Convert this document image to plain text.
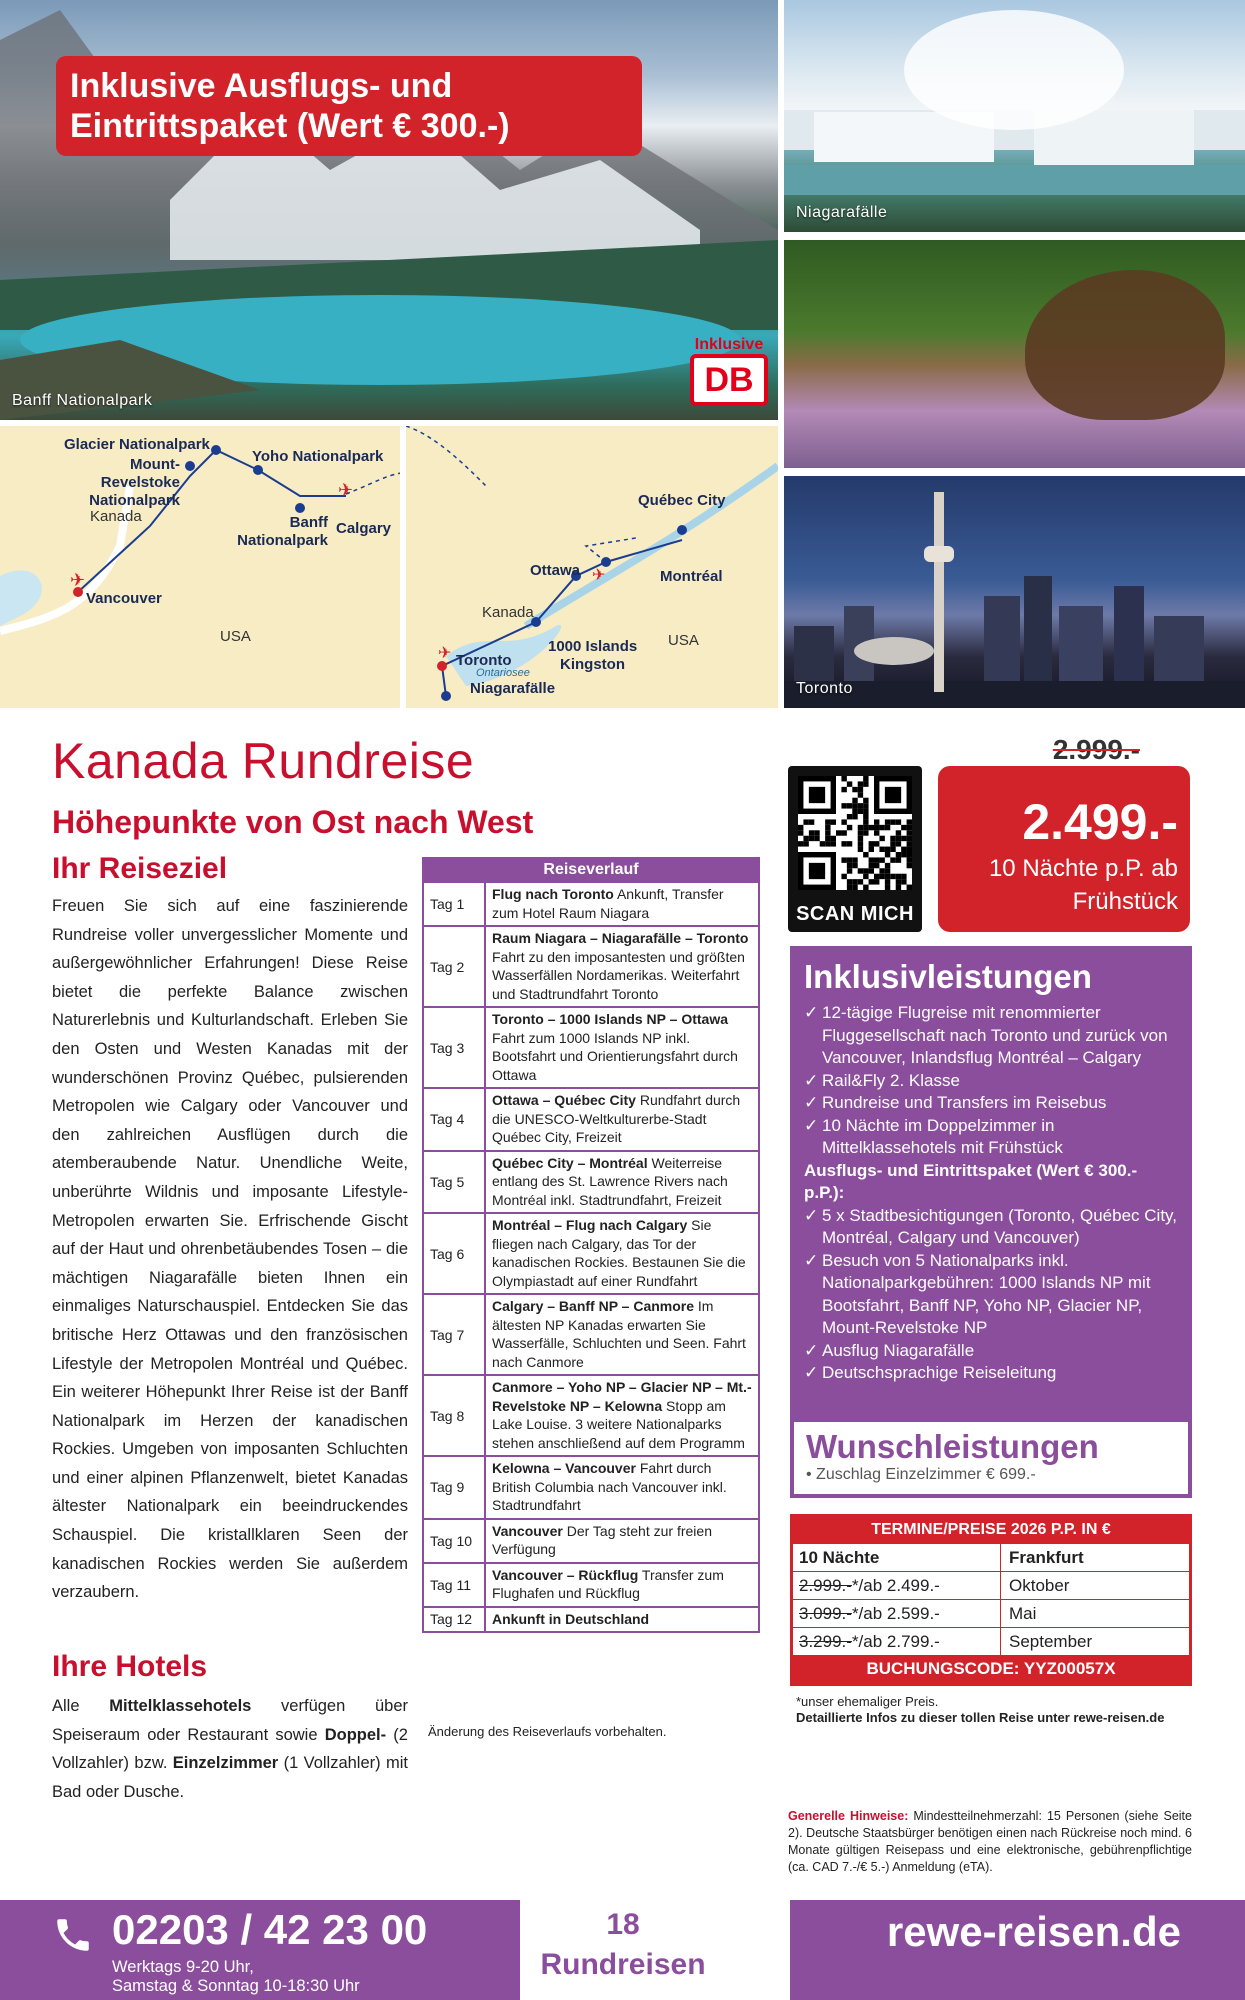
Inklusive Ausflugs- und Eintrittspaket (Wert € 300.-)
Inklusive
DB
Banff Nationalpark
Niagarafälle
Toronto
✈
✈
Glacier Nationalpark
Mount-Revelstoke Nationalpark
Yoho Nationalpark
Banff Nationalpark
Calgary
Vancouver
Kanada
USA
✈
✈
Québec City
Ottawa	Montréal
1000 Islands
Kingston
Toronto
Niagarafälle
Ontariosee
Kanada
USA
Kanada Rundreise
Höhepunkte von Ost nach West
Ihr Reiseziel

Freuen Sie sich auf eine faszinierende Rundreise voller unvergesslicher Momente und außergewöhnlicher Erfahrungen! Diese Reise bietet die perfekte Balance zwischen Naturerlebnis und Kulturlandschaft. Erleben Sie den Osten und Westen Kanadas mit der wunderschönen Provinz Québec, pulsierenden Metropolen wie Calgary oder Vancouver und den zahlreichen Ausflügen durch die atemberaubende Natur. Unendliche Weite, unberührte Wildnis und imposante Lifestyle-Metropolen erwarten Sie. Erfrischende Gischt auf der Haut und ohrenbetäubendes Tosen – die mächtigen Niagarafälle bieten Ihnen ein einmaliges Naturschauspiel. Entdecken Sie das britische Herz Ottawas und den französischen Lifestyle der Metropolen Montréal und Québec. Ein weiterer Höhepunkt Ihrer Reise ist der Banff Nationalpark im Herzen der kanadischen Rockies. Umgeben von imposanten Schluchten und einer alpinen Pflanzenwelt, bietet Kanadas ältester Nationalpark ein beeindruckendes Schauspiel. Die kristallklaren Seen der kanadischen Rockies werden Sie außerdem verzaubern.

Ihre Hotels

Alle Mittelklassehotels verfügen über Speiseraum oder Restaurant sowie Doppel- (2 Vollzahler) bzw. Einzelzimmer (1 Vollzahler) mit Bad oder Dusche.

Reiseverlauf
Tag 1
Flug nach Toronto Ankunft, Transfer zum Hotel Raum Niagara
Tag 2
Raum Niagara – Niagarafälle – Toronto Fahrt zu den imposantesten und größten Wasserfällen Nordamerikas. Weiterfahrt und Stadtrundfahrt Toronto
Tag 3
Toronto – 1000 Islands NP – Ottawa Fahrt zum 1000 Islands NP inkl. Bootsfahrt und Orientierungsfahrt durch Ottawa
Tag 4
Ottawa – Québec City Rundfahrt durch die UNESCO-Weltkulturerbe-Stadt Québec City, Freizeit
Tag 5
Québec City – Montréal Weiterreise entlang des St. Lawrence Rivers nach Montréal inkl. Stadtrundfahrt, Freizeit
Tag 6
Montréal – Flug nach Calgary Sie fliegen nach Calgary, das Tor der kanadischen Rockies. Bestaunen Sie die Olympiastadt auf einer Rundfahrt
Tag 7
Calgary – Banff NP – Canmore Im ältesten NP Kanadas erwarten Sie Wasserfälle, Schluchten und Seen. Fahrt nach Canmore
Tag 8
Canmore – Yoho NP – Glacier NP – Mt.-Revelstoke NP – Kelowna Stopp am Lake Louise. 3 weitere Nationalparks stehen anschließend auf dem Programm
Tag 9
Kelowna – Vancouver Fahrt durch British Columbia nach Vancouver inkl. Stadtrundfahrt
Tag 10
Vancouver Der Tag steht zur freien Verfügung
Tag 11
Vancouver – Rückflug Transfer zum Flughafen und Rückflug
Tag 12	Ankunft in Deutschland
Änderung des Reiseverlaufs vorbehalten.
SCAN MICH
2.999.-
2.499.-
10 Nächte p.P. ab
Frühstück
Inklusivleistungen
✓ 12-tägige Flugreise mit renommierter Fluggesellschaft nach Toronto und zurück von Vancouver, Inlandsflug Montréal – Calgary
✓ Rail&Fly 2. Klasse
✓ Rundreise und Transfers im Reisebus
✓ 10 Nächte im Doppelzimmer in Mittelklassehotels mit Frühstück
Ausflugs- und Eintrittspaket (Wert € 300.- p.P.):
✓ 5 x Stadtbesichtigungen (Toronto, Québec City, Montréal, Calgary und Vancouver)
✓ Besuch von 5 Nationalparks inkl. Nationalparkgebühren: 1000 Islands NP mit Bootsfahrt, Banff NP, Yoho NP, Glacier NP, Mount-Revelstoke NP
✓ Ausflug Niagarafälle
✓ Deutschsprachige Reiseleitung
Wunschleistungen
• Zuschlag Einzelzimmer € 699.-
TERMINE/PREISE 2026 P.P. IN €
10 Nächte	Frankfurt
2.999.-*/ab 2.499.-	Oktober
3.099.-*/ab 2.599.-	Mai
3.299.-*/ab 2.799.-	September
BUCHUNGSCODE: YYZ00057X
*unser ehemaliger Preis.
Detaillierte Infos zu dieser tollen Reise unter rewe-reisen.de
Generelle Hinweise: Mindestteilnehmerzahl: 15 Personen (siehe Seite 2). Deutsche Staatsbürger benötigen einen nach Rückreise noch mind. 6 Monate gültigen Reisepass und eine elektronische, gebührenpflichtige (ca. CAD 7.-/€ 5.-) Anmeldung (eTA).
02203 / 42 23 00
Werktags 9-20 Uhr,
Samstag & Sonntag 10-18:30 Uhr
18
Rundreisen
rewe-reisen.de
